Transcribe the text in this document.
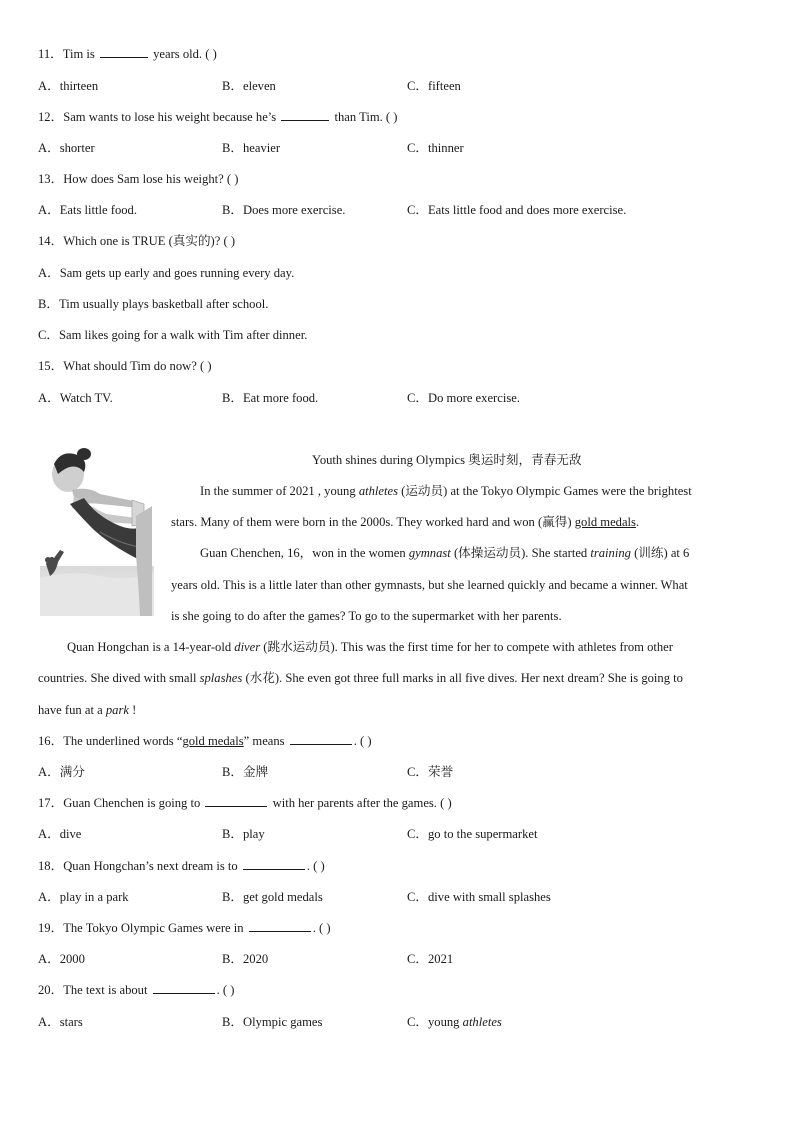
11．Tim is	years old. ( )
A．thirteen	B．eleven	C．fifteen
12．Sam wants to lose his weight because he’s	than Tim. ( )
A．shorter	B．heavier	C．thinner
13．How does Sam lose his weight? ( )
A．Eats little food.	B．Does more exercise.	C．Eats little food and does more exercise.
14．Which one is TRUE (真实的)? ( )
A．Sam gets up early and goes running every day.
B．Tim usually plays basketball after school.
C．Sam likes going for a walk with Tim after dinner.
15．What should Tim do now? ( )
A．Watch TV.	B．Eat more food.	C．Do more exercise.
Youth shines during Olympics 奥运时刻，青春无敌
In the summer of 2021 , young athletes (运动员) at the Tokyo Olympic Games were the brightest
stars. Many of them were born in the 2000s. They worked hard and won (赢得) gold medals.
Guan Chenchen, 16，won in the women gymnast (体操运动员). She started training (训练) at 6
years old. This is a little later than other gymnasts, but she learned quickly and became a winner. What
is she going to do after the games? To go to the supermarket with her parents.
Quan Hongchan is a 14-year-old diver (跳水运动员). This was the first time for her to compete with athletes from other
countries. She dived with small splashes (水花). She even got three full marks in all five dives. Her next dream? She is going to
have fun at a park !
16．The underlined words “gold medals” means	. ( )
A．满分	B．金牌	C．荣誉
17．Guan Chenchen is going to	with her parents after the games. ( )
A．dive	B．play	C．go to the supermarket
18．Quan Hongchan’s next dream is to	. ( )
A．play in a park	B．get gold medals	C．dive with small splashes
19．The Tokyo Olympic Games were in	. ( )
A．2000	B．2020	C．2021
20．The text is about	. ( )
A．stars	B．Olympic games	C．young athletes
